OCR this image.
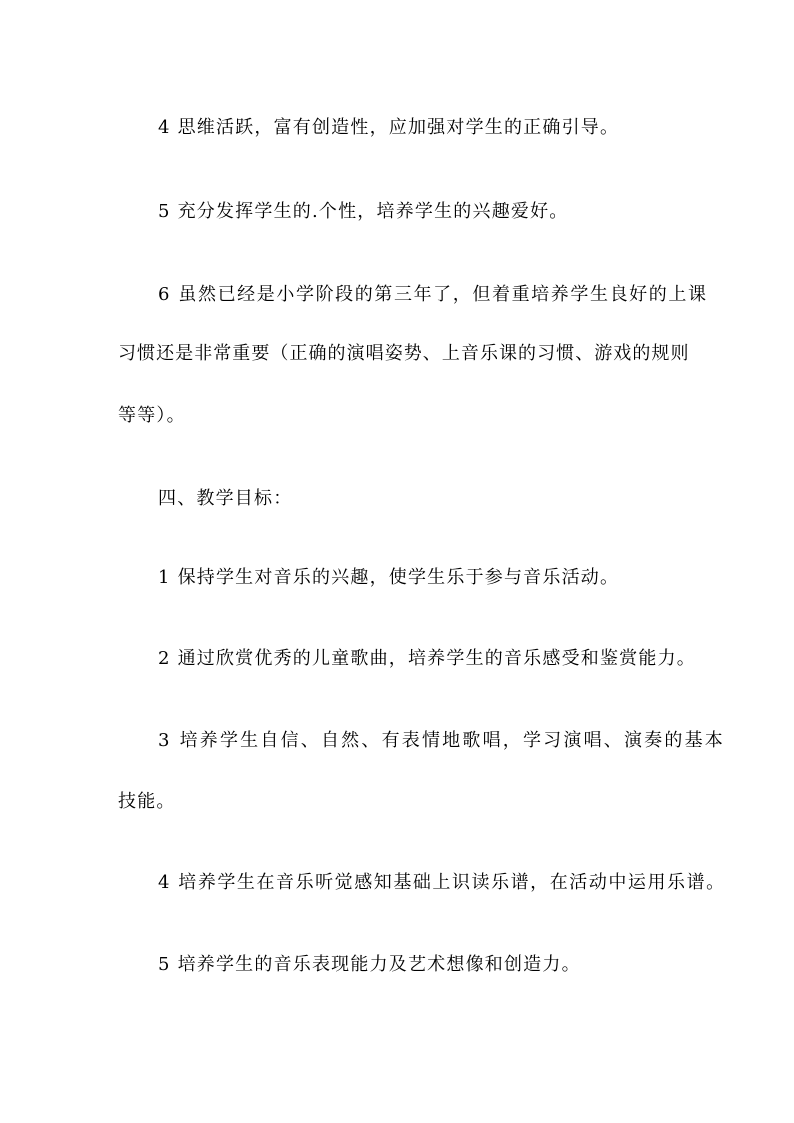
4 思维活跃，富有创造性，应加强对学生的正确引导。
5 充分发挥学生的.个性，培养学生的兴趣爱好。
6 虽然已经是小学阶段的第三年了，但着重培养学生良好的上课
习惯还是非常重要（正确的演唱姿势、上音乐课的习惯、游戏的规则
等等）。
四、教学目标：
1 保持学生对音乐的兴趣，使学生乐于参与音乐活动。
2 通过欣赏优秀的儿童歌曲，培养学生的音乐感受和鉴赏能力。
3 培养学生自信、自然、有表情地歌唱，学习演唱、演奏的基本
技能。
4 培养学生在音乐听觉感知基础上识读乐谱，在活动中运用乐谱。
5 培养学生的音乐表现能力及艺术想像和创造力。
